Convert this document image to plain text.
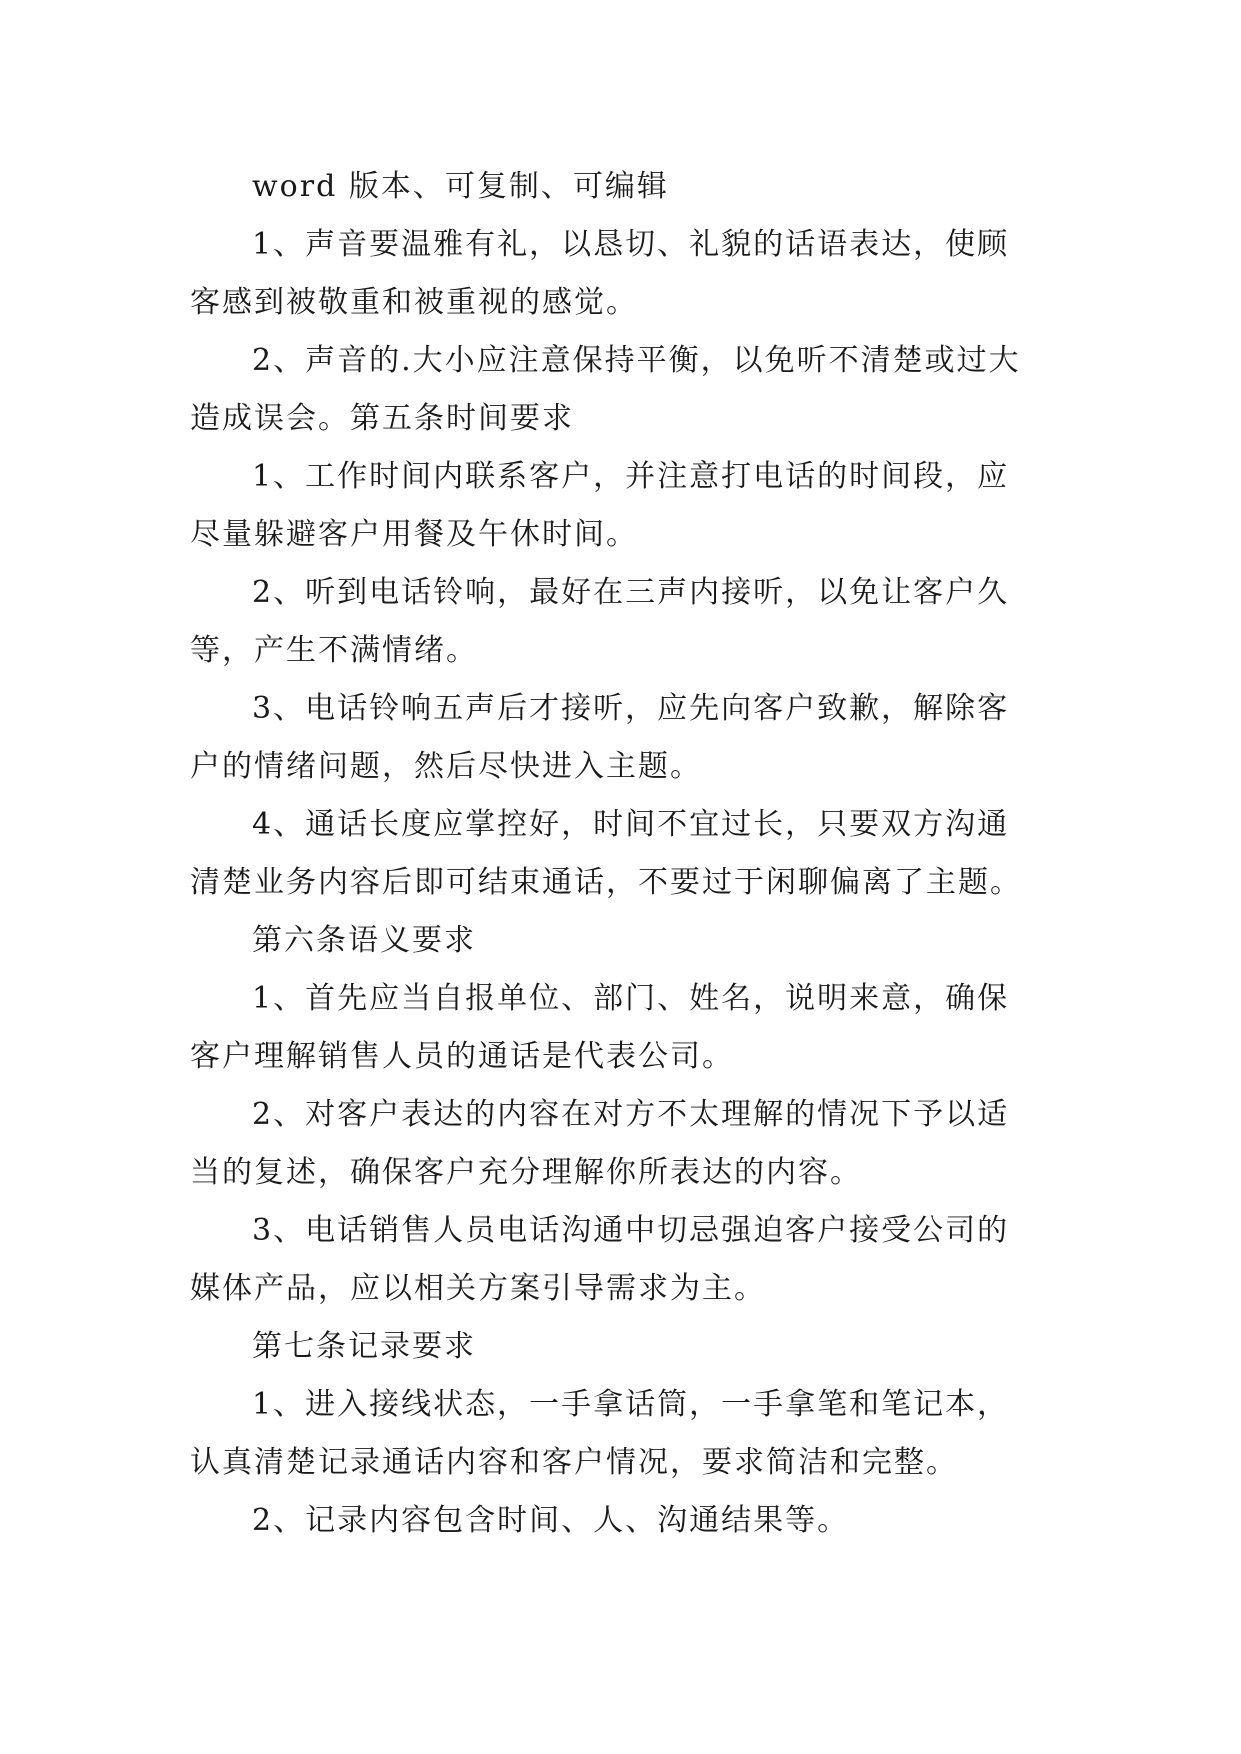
word 版本、可复制、可编辑
1、声音要温雅有礼，以恳切、礼貌的话语表达，使顾
客感到被敬重和被重视的感觉。
2、声音的.大小应注意保持平衡，以免听不清楚或过大
造成误会。第五条时间要求
1、工作时间内联系客户，并注意打电话的时间段，应
尽量躲避客户用餐及午休时间。
2、听到电话铃响，最好在三声内接听，以免让客户久
等，产生不满情绪。
3、电话铃响五声后才接听，应先向客户致歉，解除客
户的情绪问题，然后尽快进入主题。
4、通话长度应掌控好，时间不宜过长，只要双方沟通
清楚业务内容后即可结束通话，不要过于闲聊偏离了主题。
第六条语义要求
1、首先应当自报单位、部门、姓名，说明来意，确保
客户理解销售人员的通话是代表公司。
2、对客户表达的内容在对方不太理解的情况下予以适
当的复述，确保客户充分理解你所表达的内容。
3、电话销售人员电话沟通中切忌强迫客户接受公司的
媒体产品，应以相关方案引导需求为主。
第七条记录要求
1、进入接线状态，一手拿话筒，一手拿笔和笔记本，
认真清楚记录通话内容和客户情况，要求简洁和完整。
2、记录内容包含时间、人、沟通结果等。
